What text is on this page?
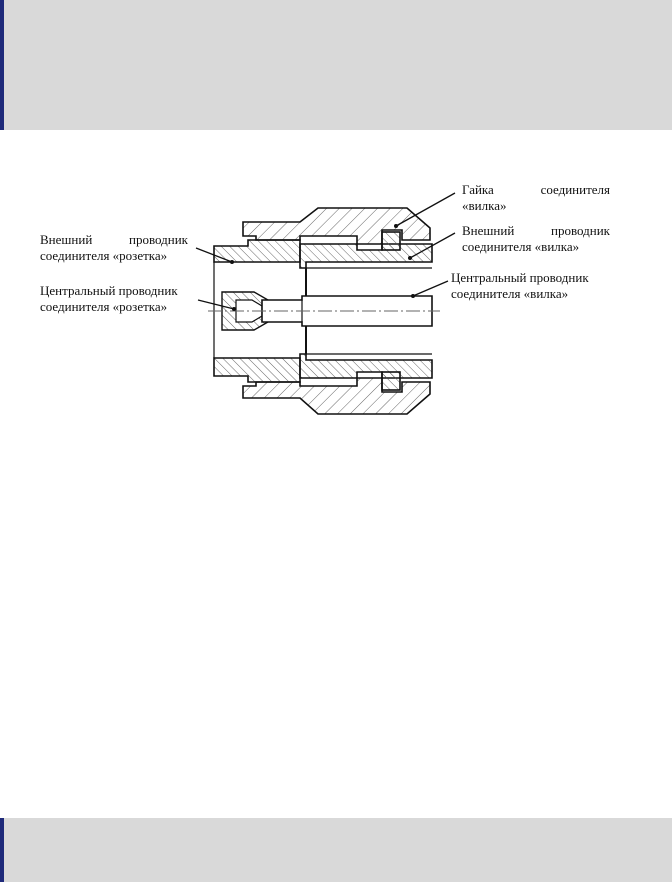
Гайка	соединителя
«вилка»
Внешний	проводник
соединителя «вилка»
Центральный проводник
соединителя «вилка»
Внешний	проводник
соединителя «розетка»
Центральный проводник
соединителя «розетка»
